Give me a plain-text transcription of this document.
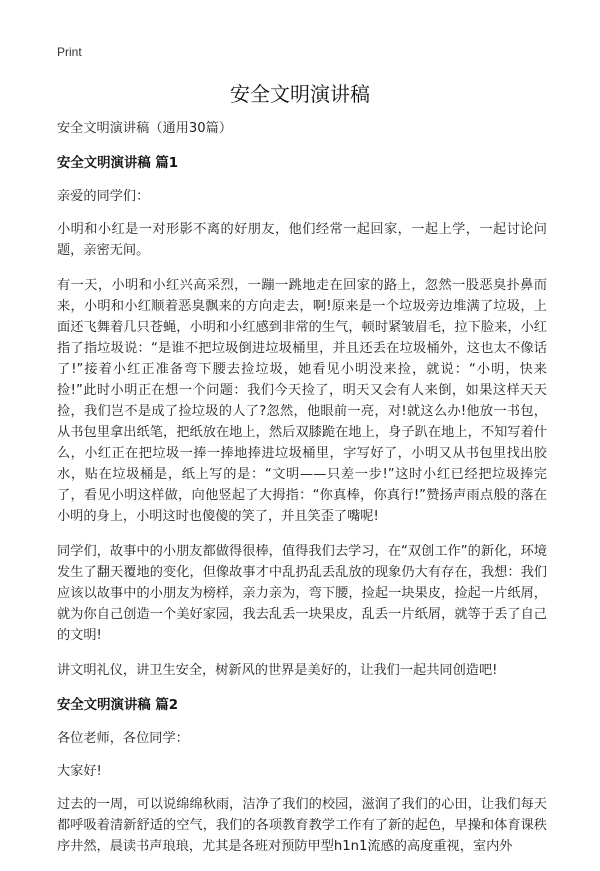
Print
安全文明演讲稿

安全文明演讲稿（通用30篇）

安全文明演讲稿 篇1

亲爱的同学们：

小明和小红是一对形影不离的好朋友，他们经常一起回家，一起上学，一起讨论问题，亲密无间。

有一天，小明和小红兴高采烈，一蹦一跳地走在回家的路上，忽然一股恶臭扑鼻而来，小明和小红顺着恶臭飘来的方向走去，啊!原来是一个垃圾旁边堆满了垃圾，上面还飞舞着几只苍蝇，小明和小红感到非常的生气，顿时紧皱眉毛，拉下脸来，小红指了指垃圾说：“是谁不把垃圾倒进垃圾桶里，并且还丢在垃圾桶外，这也太不像话了!”接着小红正准备弯下腰去捡垃圾，她看见小明没来捡，就说：“小明，快来捡!”此时小明正在想一个问题：我们今天捡了，明天又会有人来倒，如果这样天天捡，我们岂不是成了捡垃圾的人了?忽然，他眼前一亮，对!就这么办!他放一书包，从书包里拿出纸笔，把纸放在地上，然后双膝跪在地上，身子趴在地上，不知写着什么，小红正在把垃圾一捧一捧地捧进垃圾桶里，字写好了，小明又从书包里找出胶水，贴在垃圾桶是，纸上写的是：“文明——只差一步!”这时小红已经把垃圾捧完了，看见小明这样做，向他竖起了大拇指：“你真棒，你真行!”赞扬声雨点般的落在小明的身上，小明这时也傻傻的笑了，并且笑歪了嘴呢!

同学们，故事中的小朋友都做得很棒，值得我们去学习，在“双创工作”的新化，环境发生了翻天覆地的变化，但像故事才中乱扔乱丢乱放的现象仍大有存在，我想：我们应该以故事中的小朋友为榜样，亲力亲为，弯下腰，捡起一块果皮，捡起一片纸屑，就为你自己创造一个美好家园，我去乱丢一块果皮，乱丢一片纸屑，就等于丢了自己的文明!

讲文明礼仪，讲卫生安全，树新风的世界是美好的，让我们一起共同创造吧!

安全文明演讲稿 篇2

各位老师，各位同学：

大家好!

过去的一周，可以说绵绵秋雨，洁净了我们的校园，滋润了我们的心田，让我们每天都呼吸着清新舒适的空气，我们的各项教育教学工作有了新的起色，早操和体育课秩序井然，晨读书声琅琅，尤其是各班对预防甲型h1n1流感的高度重视，室内外
